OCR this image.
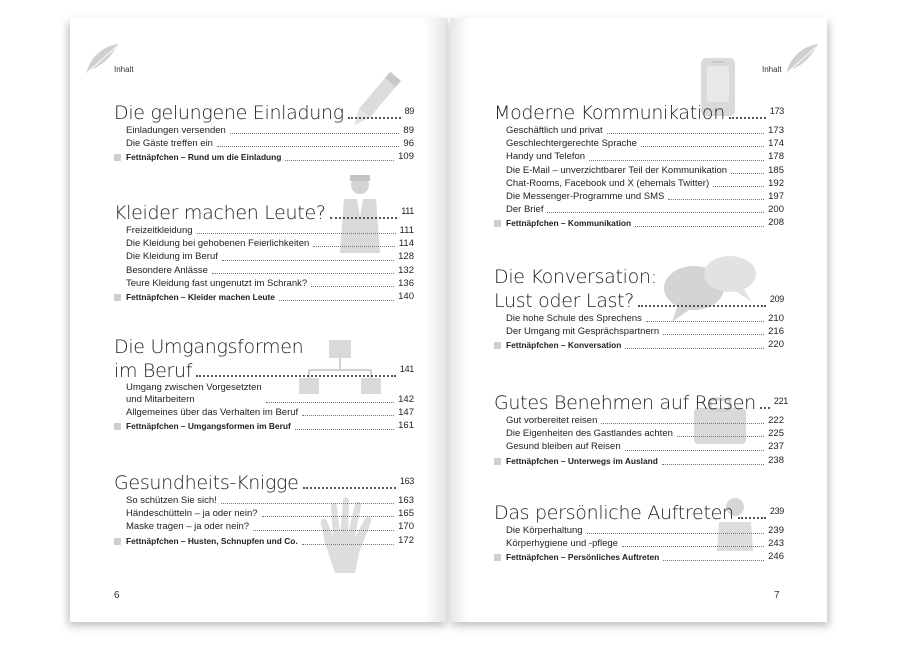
Inhalt
Die gelungene Einladung	89
Einladungen versenden	89
Die Gäste treffen ein	96
Fettnäpfchen – Rund um die Einladung	109
Kleider machen Leute?	111
Freizeitkleidung	111
Die Kleidung bei gehobenen Feierlichkeiten	114
Die Kleidung im Beruf	128
Besondere Anlässe	132
Teure Kleidung fast ungenutzt im Schrank?	136
Fettnäpfchen – Kleider machen Leute	140
Die Umgangsformen
im Beruf	141
Umgang zwischen Vorgesetzten
und Mitarbeitern	142
Allgemeines über das Verhalten im Beruf	147
Fettnäpfchen – Umgangsformen im Beruf	161
Gesundheits-Knigge	163
So schützen Sie sich!	163
Händeschütteln – ja oder nein?	165
Maske tragen – ja oder nein?	170
Fettnäpfchen – Husten, Schnupfen und Co.	172
6
Inhalt
Moderne Kommunikation	173
Geschäftlich und privat	173
Geschlechtergerechte Sprache	174
Handy und Telefon	178
Die E-Mail – unverzichtbarer Teil der Kommunikation	185
Chat-Rooms, Facebook und X (ehemals Twitter)	192
Die Messenger-Programme und SMS	197
Der Brief	200
Fettnäpfchen – Kommunikation	208
Die Konversation:
Lust oder Last?	209
Die hohe Schule des Sprechens	210
Der Umgang mit Gesprächspartnern	216
Fettnäpfchen – Konversation	220
Gutes Benehmen auf Reisen 221
Gut vorbereitet reisen	222
Die Eigenheiten des Gastlandes achten	225
Gesund bleiben auf Reisen	237
Fettnäpfchen – Unterwegs im Ausland	238
Das persönliche Auftreten	239
Die Körperhaltung	239
Körperhygiene und -pflege	243
Fettnäpfchen – Persönliches Auftreten	246
7
